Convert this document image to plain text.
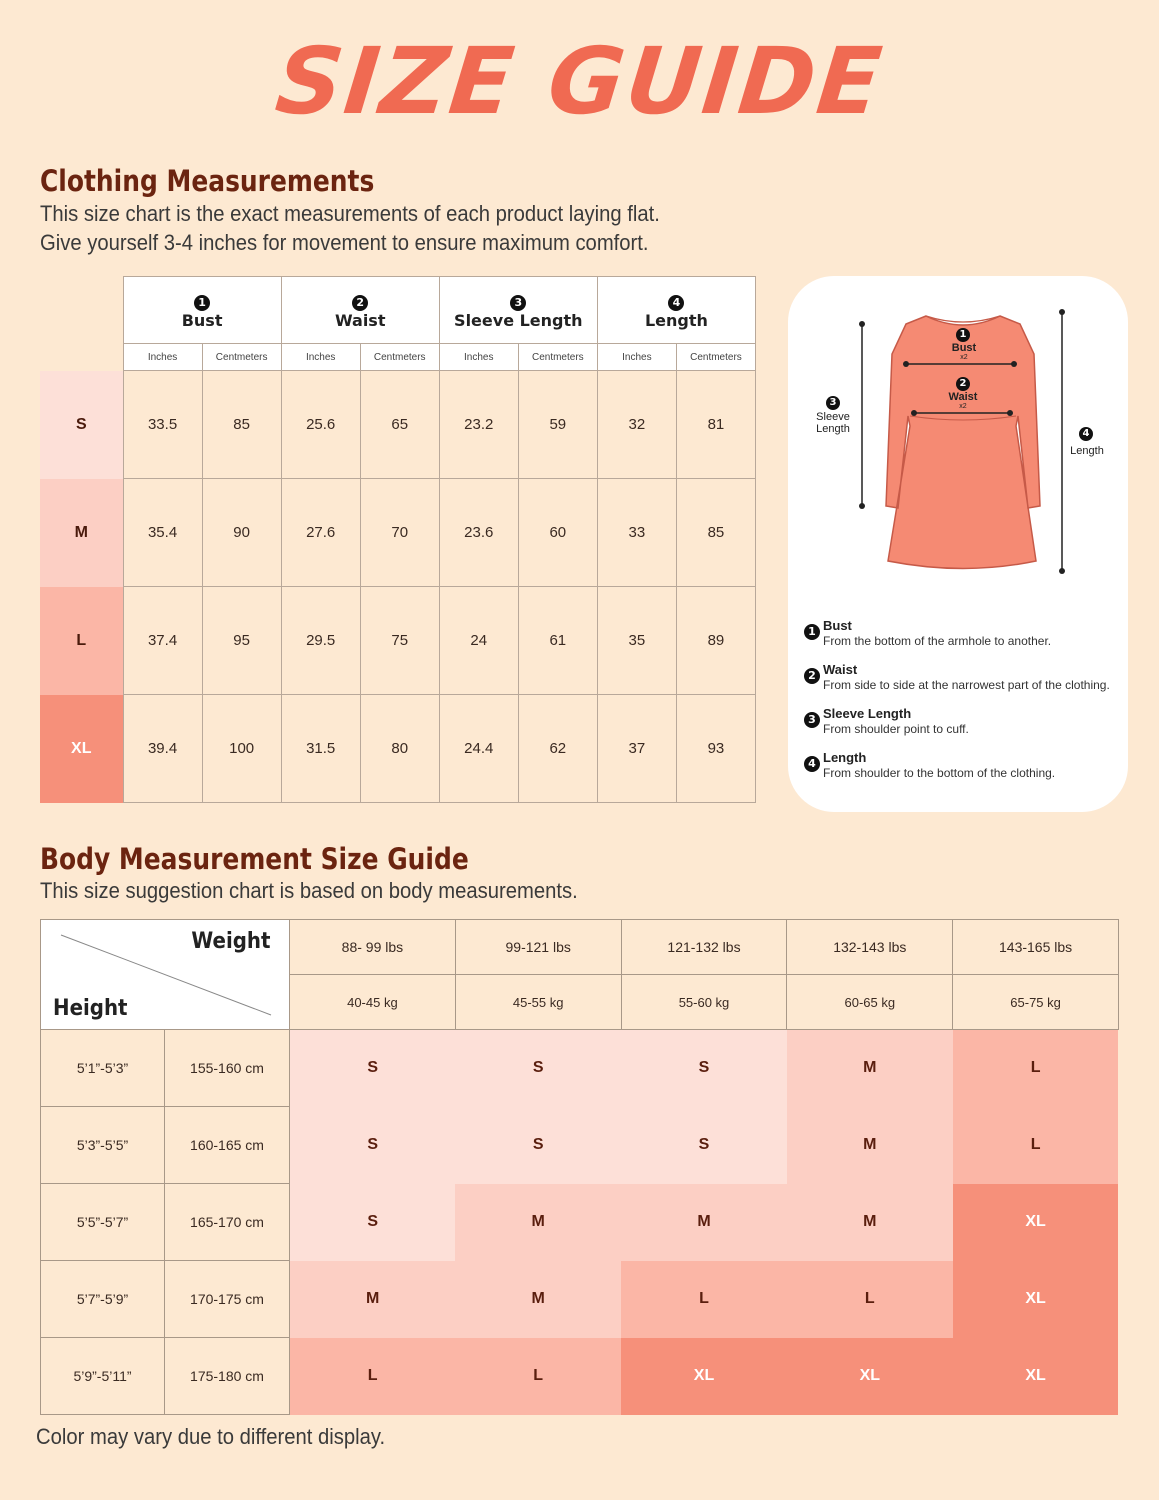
SIZE GUIDE
Clothing Measurements
This size chart is the exact measurements of each product laying flat.
Give yourself 3-4 inches for movement to ensure maximum comfort.
	1
Bust		2
Waist		3
Sleeve Length		4
Length	
	Inches	Centmeters	Inches	Centmeters	Inches	Centmeters	Inches	Centmeters
S	33.5	85	25.6	65	23.2	59	32	81
M	35.4	90	27.6	70	23.6	60	33	85
L	37.4	95	29.5	75	24	61	35	89
XL	39.4	100	31.5	80	24.4	62	37	93
1
Bust
x2
2
Waist
x2
3
Sleeve
Length	4
Length
1 Bust
From the bottom of the armhole to another.
2 Waist
From side to side at the narrowest part of the clothing.
3 Sleeve Length
From shoulder point to cuff.
4 Length
From shoulder to the bottom of the clothing.
Body Measurement Size Guide
This size suggestion chart is based on body measurements.
Weight
Height		88- 99 lbs	99-121 lbs	121-132 lbs	132-143 lbs	143-165 lbs
		40-45 kg	45-55 kg	55-60 kg	60-65 kg	65-75 kg
5’1”-5’3”	155-160 cm	S	S	S	M	L
5’3”-5’5”	160-165 cm	S	S	S	M	L
5’5”-5’7”	165-170 cm	S	M	M	M	XL
5’7”-5’9”	170-175 cm	M	M	L	L	XL
5’9”-5’11”	175-180 cm	L	L	XL	XL	XL
Color may vary due to different display.
